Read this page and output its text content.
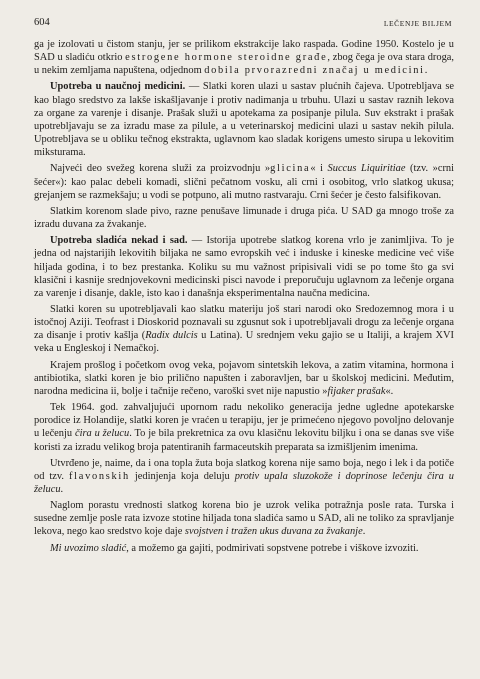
604	LEČENJE BILJEM

ga je izolovati u čistom stanju, jer se prilikom ekstrakcije lako raspada. Godine 1950. Kostelo je u SAD u sladiću otkrio estrogene hormone steroidne građe, zbog čega je ova stara droga, u nekim zemljama napuštena, odjednom dobila prvorazredni značaj u medicini.

Upotreba u naučnoj medicini. — Slatki koren ulazi u sastav plućnih čajeva. Upotrebljava se kao blago sredstvo za lakše iskašljavanje i protiv nadimanja u trbuhu. Ulazi u sastav raznih lekova za organe za varenje i disanje. Prašak služi u apotekama za posipanje pilula. Suv ekstrakt i prašak upotrebljavaju se za izradu mase za pilule, a u veterinarskoj medicini ulazi u sastav nekih pilula. Upotrebljava se u obliku tečnog ekstrakta, uglavnom kao sladak korigens umesto sirupa u lekovitim miksturama.

Najveći deo svežeg korena služi za proizvodnju »glicina« i Succus Liquiritiae (tzv. »crni šećer«): kao palac debeli komadi, slični pečatnom vosku, ali crni i osobitog, vrlo slatkog ukusa; grejanjem se razmekšaju; u vodi se potpuno, ali mutno rastvaraju. Crni šećer je često falsifikovan.

Slatkim korenom slade pivo, razne penušave limunade i druga pića. U SAD ga mnogo troše za izradu duvana za žvakanje.

Upotreba sladića nekad i sad. — Istorija upotrebe slatkog korena vrlo je zanimljiva. To je jedna od najstarijih lekovitih biljaka ne samo evropskih već i induske i kineske medicine već više hiljada godina, i to bez prestanka. Koliku su mu važnost pripisivali vidi se po tome što ga svi klasični i kasnije srednjovekovni medicinski pisci navode i preporučuju uglavnom za lečenje organa za varenje i disanje, dakle, isto kao i današnja eksperimentalna naučna medicina.

Slatki koren su upotrebljavali kao slatku materiju još stari narodi oko Sredozemnog mora i u istočnoj Aziji. Teofrast i Dioskorid poznavali su zgusnut sok i upotrebljavali drogu za lečenje organa za disanje i protiv kašlja (Radix dulcis u Latina). U srednjem veku gajio se u Italiji, a krajem XVI veka u Engleskoj i Nemačkoj.

Krajem prošlog i početkom ovog veka, pojavom sintetskih lekova, a zatim vitamina, hormona i antibiotika, slatki koren je bio prilično napušten i zaboravljen, bar u školskoj medicini. Međutim, narodna medicina ii, bolje i tačnije rečeno, varoški svet nije napustio »fijaker prašak«.

Tek 1964. god. zahvaljujući upornom radu nekoliko generacija jedne ugledne apotekarske porodice iz Holandije, slatki koren je vraćen u terapiju, jer je primećeno njegovo povoljno delovanje u lečenju čira u želucu. To je bila prekretnica za ovu klasičnu lekovitu biljku i ona se danas sve više koristi za izradu velikog broja patentiranih farmaceutskih preparata sa izmišljenim imenima.

Utvrđeno je, naime, da i ona topla žuta boja slatkog korena nije samo boja, nego i lek i da potiče od tzv. flavonskih jedinjenja koja deluju protiv upala sluzokože i doprinose lečenju čira u želucu.

Naglom porastu vrednosti slatkog korena bio je uzrok velika potražnja posle rata. Turska i susedne zemlje posle rata izvoze stotine hiljada tona sladića samo u SAD, ali ne toliko za spravljanje lekova, nego kao sredstvo koje daje svojstven i tražen ukus duvana za žvakanje.

Mi uvozimo sladić, a možemo ga gajiti, podmirivati sopstvene potrebe i viškove izvoziti.
